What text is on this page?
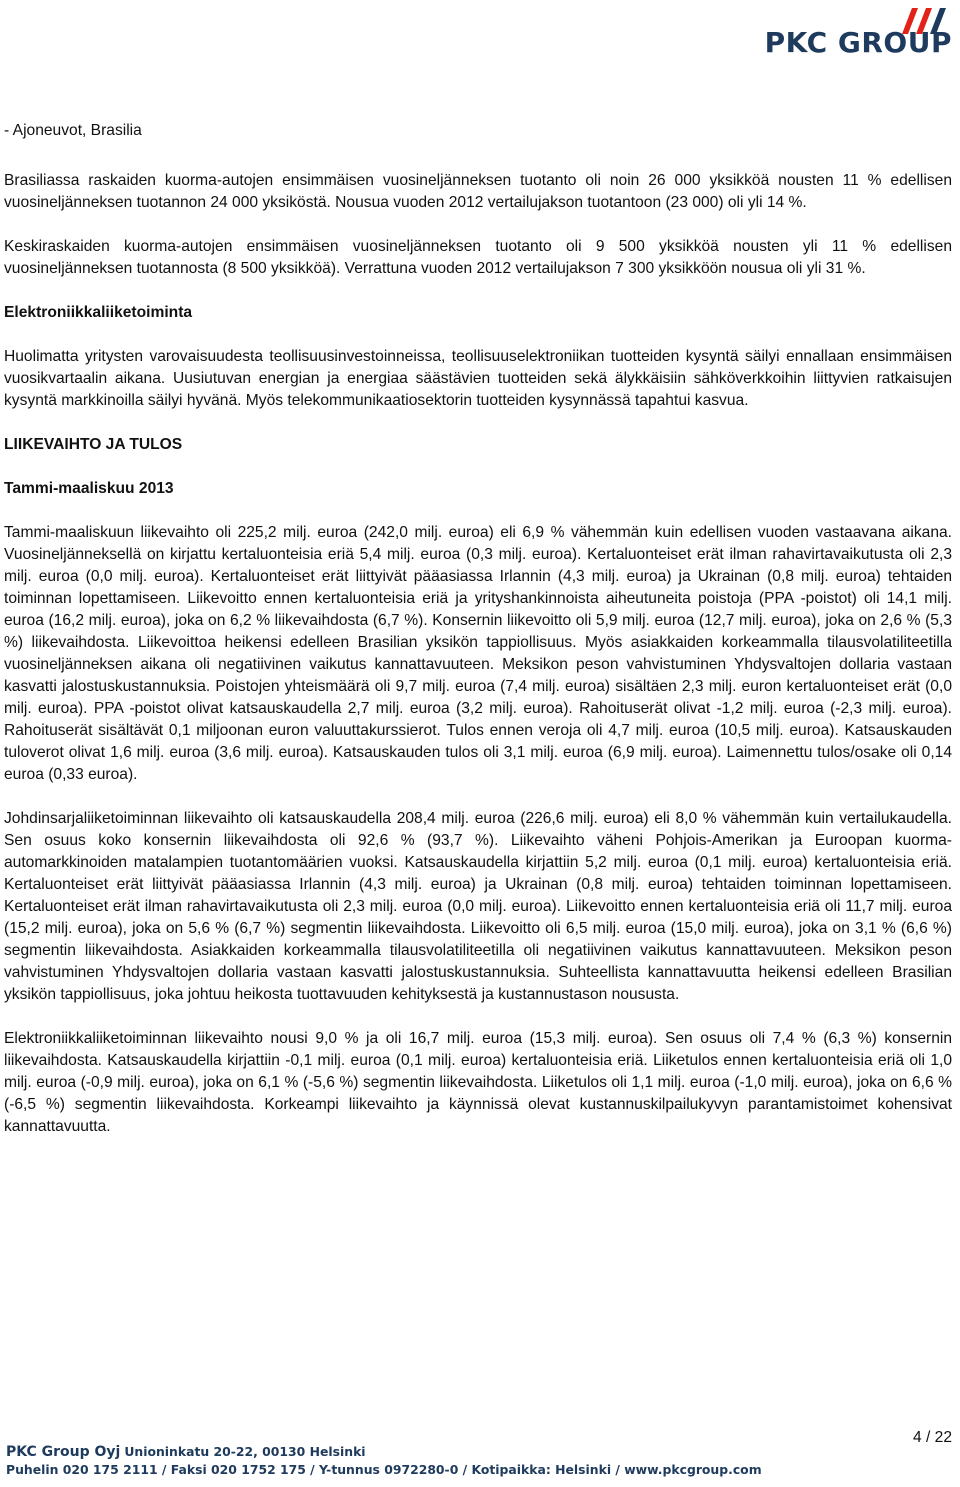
PKC GROUP

- Ajoneuvot, Brasilia

Brasiliassa raskaiden kuorma-autojen ensimmäisen vuosineljänneksen tuotanto oli noin 26 000 yksikköä nousten 11 % edellisen vuosineljänneksen tuotannon 24 000 yksiköstä. Nousua vuoden 2012 vertailujakson tuotantoon (23 000) oli yli 14 %.

Keskiraskaiden kuorma-autojen ensimmäisen vuosineljänneksen tuotanto oli 9 500 yksikköä nousten yli 11 % edellisen vuosineljänneksen tuotannosta (8 500 yksikköä). Verrattuna vuoden 2012 vertailujakson 7 300 yksikköön nousua oli yli 31 %.

Elektroniikkaliiketoiminta

Huolimatta yritysten varovaisuudesta teollisuusinvestoinneissa, teollisuuselektroniikan tuotteiden kysyntä säilyi ennallaan ensimmäisen vuosikvartaalin aikana. Uusiutuvan energian ja energiaa säästävien tuotteiden sekä älykkäisiin sähköverkkoihin liittyvien ratkaisujen kysyntä markkinoilla säilyi hyvänä. Myös telekommunikaatiosektorin tuotteiden kysynnässä tapahtui kasvua.

LIIKEVAIHTO JA TULOS

Tammi-maaliskuu 2013

Tammi-maaliskuun liikevaihto oli 225,2 milj. euroa (242,0 milj. euroa) eli 6,9 % vähemmän kuin edellisen vuoden vastaavana aikana. Vuosineljänneksellä on kirjattu kertaluonteisia eriä 5,4 milj. euroa (0,3 milj. euroa). Kertaluonteiset erät ilman rahavirtavaikutusta oli 2,3 milj. euroa (0,0 milj. euroa). Kertaluonteiset erät liittyivät pääasiassa Irlannin (4,3 milj. euroa) ja Ukrainan (0,8 milj. euroa) tehtaiden toiminnan lopettamiseen. Liikevoitto ennen kertaluonteisia eriä ja yrityshankinnoista aiheutuneita poistoja (PPA -poistot) oli 14,1 milj. euroa (16,2 milj. euroa), joka on 6,2 % liikevaihdosta (6,7 %). Konsernin liikevoitto oli 5,9 milj. euroa (12,7 milj. euroa), joka on 2,6 % (5,3 %) liikevaihdosta. Liikevoittoa heikensi edelleen Brasilian yksikön tappiollisuus. Myös asiakkaiden korkeammalla tilausvolatiliteetilla vuosineljänneksen aikana oli negatiivinen vaikutus kannattavuuteen. Meksikon peson vahvistuminen Yhdysvaltojen dollaria vastaan kasvatti jalostuskustannuksia. Poistojen yhteismäärä oli 9,7 milj. euroa (7,4 milj. euroa) sisältäen 2,3 milj. euron kertaluonteiset erät (0,0 milj. euroa). PPA -poistot olivat katsauskaudella 2,7 milj. euroa (3,2 milj. euroa). Rahoituserät olivat -1,2 milj. euroa (-2,3 milj. euroa). Rahoituserät sisältävät 0,1 miljoonan euron valuuttakurssierot. Tulos ennen veroja oli 4,7 milj. euroa (10,5 milj. euroa). Katsauskauden tuloverot olivat 1,6 milj. euroa (3,6 milj. euroa). Katsauskauden tulos oli 3,1 milj. euroa (6,9 milj. euroa). Laimennettu tulos/osake oli 0,14 euroa (0,33 euroa).

Johdinsarjaliiketoiminnan liikevaihto oli katsauskaudella 208,4 milj. euroa (226,6 milj. euroa) eli 8,0 % vähemmän kuin vertailukaudella. Sen osuus koko konsernin liikevaihdosta oli 92,6 % (93,7 %). Liikevaihto väheni Pohjois-Amerikan ja Euroopan kuorma-automarkkinoiden matalampien tuotantomäärien vuoksi. Katsauskaudella kirjattiin 5,2 milj. euroa (0,1 milj. euroa) kertaluonteisia eriä. Kertaluonteiset erät liittyivät pääasiassa Irlannin (4,3 milj. euroa) ja Ukrainan (0,8 milj. euroa) tehtaiden toiminnan lopettamiseen. Kertaluonteiset erät ilman rahavirtavaikutusta oli 2,3 milj. euroa (0,0 milj. euroa). Liikevoitto ennen kertaluonteisia eriä oli 11,7 milj. euroa (15,2 milj. euroa), joka on 5,6 % (6,7 %) segmentin liikevaihdosta. Liikevoitto oli 6,5 milj. euroa (15,0 milj. euroa), joka on 3,1 % (6,6 %) segmentin liikevaihdosta. Asiakkaiden korkeammalla tilausvolatiliteetilla oli negatiivinen vaikutus kannattavuuteen. Meksikon peson vahvistuminen Yhdysvaltojen dollaria vastaan kasvatti jalostuskustannuksia. Suhteellista kannattavuutta heikensi edelleen Brasilian yksikön tappiollisuus, joka johtuu heikosta tuottavuuden kehityksestä ja kustannustason noususta.

Elektroniikkaliiketoiminnan liikevaihto nousi 9,0 % ja oli 16,7 milj. euroa (15,3 milj. euroa). Sen osuus oli 7,4 % (6,3 %) konsernin liikevaihdosta. Katsauskaudella kirjattiin -0,1 milj. euroa (0,1 milj. euroa) kertaluonteisia eriä. Liiketulos ennen kertaluonteisia eriä oli 1,0 milj. euroa (-0,9 milj. euroa), joka on 6,1 % (-5,6 %) segmentin liikevaihdosta. Liiketulos oli 1,1 milj. euroa (-1,0 milj. euroa), joka on 6,6 % (-6,5 %) segmentin liikevaihdosta. Korkeampi liikevaihto ja käynnissä olevat kustannuskilpailukyvyn parantamistoimet kohensivat kannattavuutta.

4 / 22
PKC Group Oyj Unioninkatu 20-22, 00130 Helsinki
Puhelin 020 175 2111 / Faksi 020 1752 175 / Y-tunnus 0972280-0 / Kotipaikka: Helsinki / www.pkcgroup.com
